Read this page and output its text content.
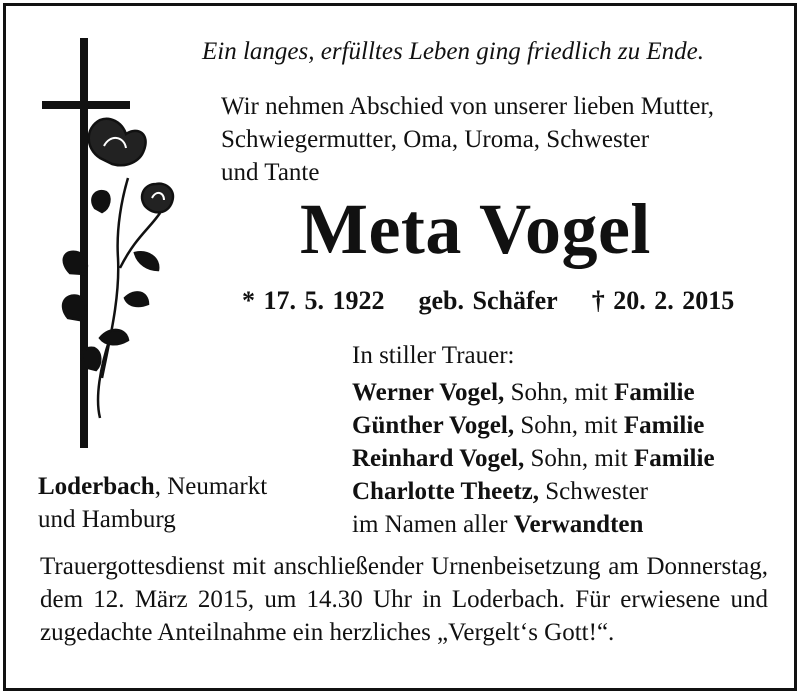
Ein langes, erfülltes Leben ging friedlich zu Ende.
Wir nehmen Abschied von unserer lieben Mutter,
Schwiegermutter, Oma, Uroma, Schwester
und Tante
Meta Vogel
* 17. 5. 1922 geb. Schäfer † 20. 2. 2015
In stiller Trauer:
Werner Vogel, Sohn, mit Familie
Günther Vogel, Sohn, mit Familie
Reinhard Vogel, Sohn, mit Familie
Charlotte Theetz, Schwester
im Namen aller Verwandten
Loderbach, Neumarkt
und Hamburg
Trauergottesdienst mit anschließender Urnenbeisetzung am Donnerstag, dem 12. März 2015, um 14.30 Uhr in Loderbach. Für erwiesene und zugedachte Anteilnahme ein herzliches „Vergelt‘s Gott!“.
